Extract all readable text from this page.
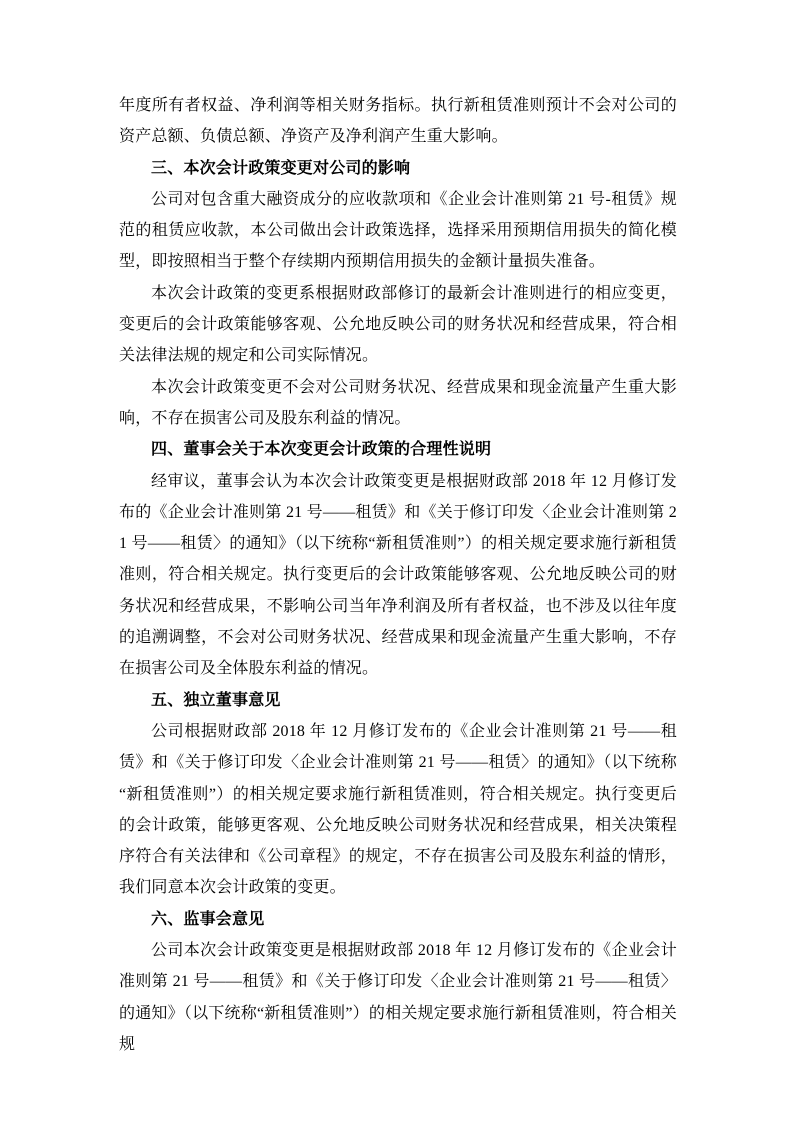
年度所有者权益、净利润等相关财务指标。执行新租赁准则预计不会对公司的资产总额、负债总额、净资产及净利润产生重大影响。

三、本次会计政策变更对公司的影响

公司对包含重大融资成分的应收款项和《企业会计准则第 21 号-租赁》规范的租赁应收款，本公司做出会计政策选择，选择采用预期信用损失的简化模型，即按照相当于整个存续期内预期信用损失的金额计量损失准备。

本次会计政策的变更系根据财政部修订的最新会计准则进行的相应变更，变更后的会计政策能够客观、公允地反映公司的财务状况和经营成果，符合相关法律法规的规定和公司实际情况。

本次会计政策变更不会对公司财务状况、经营成果和现金流量产生重大影响，不存在损害公司及股东利益的情况。

四、董事会关于本次变更会计政策的合理性说明

经审议，董事会认为本次会计政策变更是根据财政部 2018 年 12 月修订发布的《企业会计准则第 21 号——租赁》和《关于修订印发〈企业会计准则第 21 号——租赁〉的通知》（以下统称“新租赁准则”）的相关规定要求施行新租赁准则，符合相关规定。执行变更后的会计政策能够客观、公允地反映公司的财务状况和经营成果，不影响公司当年净利润及所有者权益，也不涉及以往年度的追溯调整，不会对公司财务状况、经营成果和现金流量产生重大影响，不存在损害公司及全体股东利益的情况。

五、独立董事意见

公司根据财政部 2018 年 12 月修订发布的《企业会计准则第 21 号——租赁》和《关于修订印发〈企业会计准则第 21 号——租赁〉的通知》（以下统称“新租赁准则”）的相关规定要求施行新租赁准则，符合相关规定。执行变更后的会计政策，能够更客观、公允地反映公司财务状况和经营成果，相关决策程序符合有关法律和《公司章程》的规定，不存在损害公司及股东利益的情形，我们同意本次会计政策的变更。

六、监事会意见

公司本次会计政策变更是根据财政部 2018 年 12 月修订发布的《企业会计准则第 21 号——租赁》和《关于修订印发〈企业会计准则第 21 号——租赁〉的通知》（以下统称“新租赁准则”）的相关规定要求施行新租赁准则，符合相关规
